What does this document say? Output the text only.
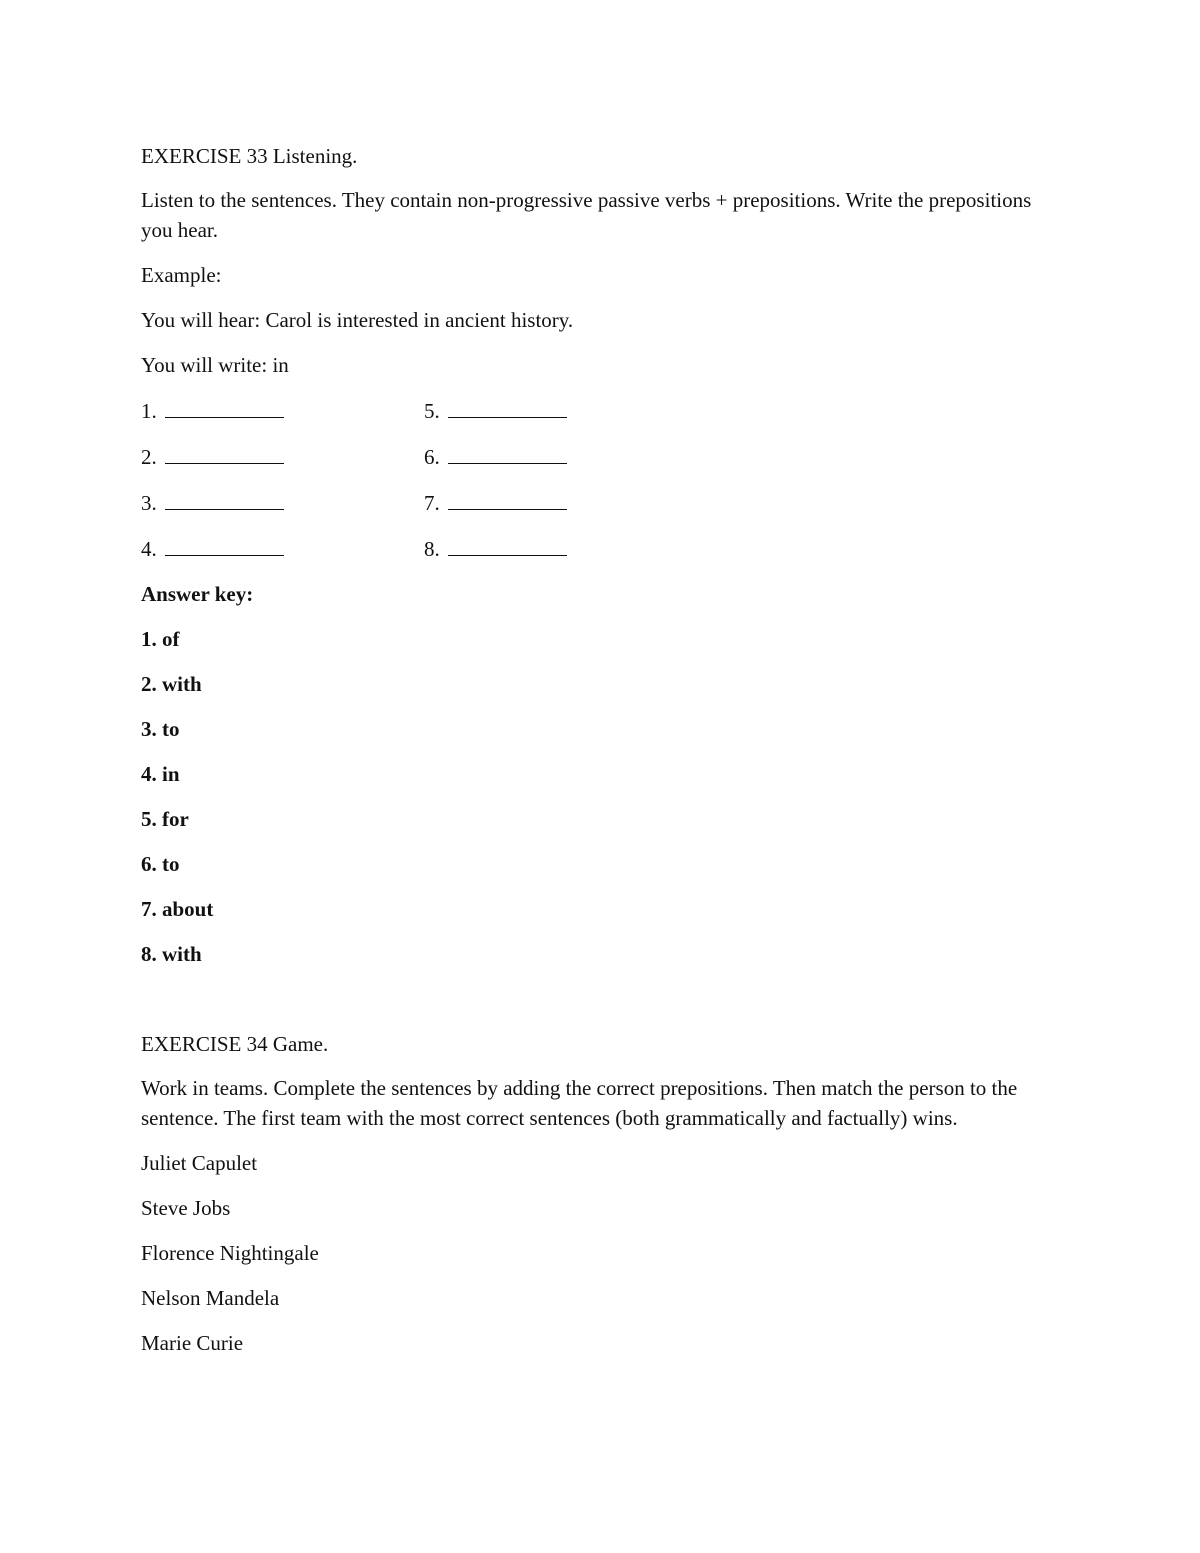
EXERCISE 33 Listening.

Listen to the sentences. They contain non-progressive passive verbs + prepositions. Write the prepositions you hear.

Example:

You will hear: Carol is interested in ancient history.

You will write: in

1.	5.
2.	6.
3.	7.
4.	8.

Answer key:

1. of

2. with

3. to

4. in

5. for

6. to

7. about

8. with

EXERCISE 34 Game.

Work in teams. Complete the sentences by adding the correct prepositions. Then match the person to the sentence. The first team with the most correct sentences (both grammatically and factually) wins.

Juliet Capulet

Steve Jobs

Florence Nightingale

Nelson Mandela

Marie Curie
